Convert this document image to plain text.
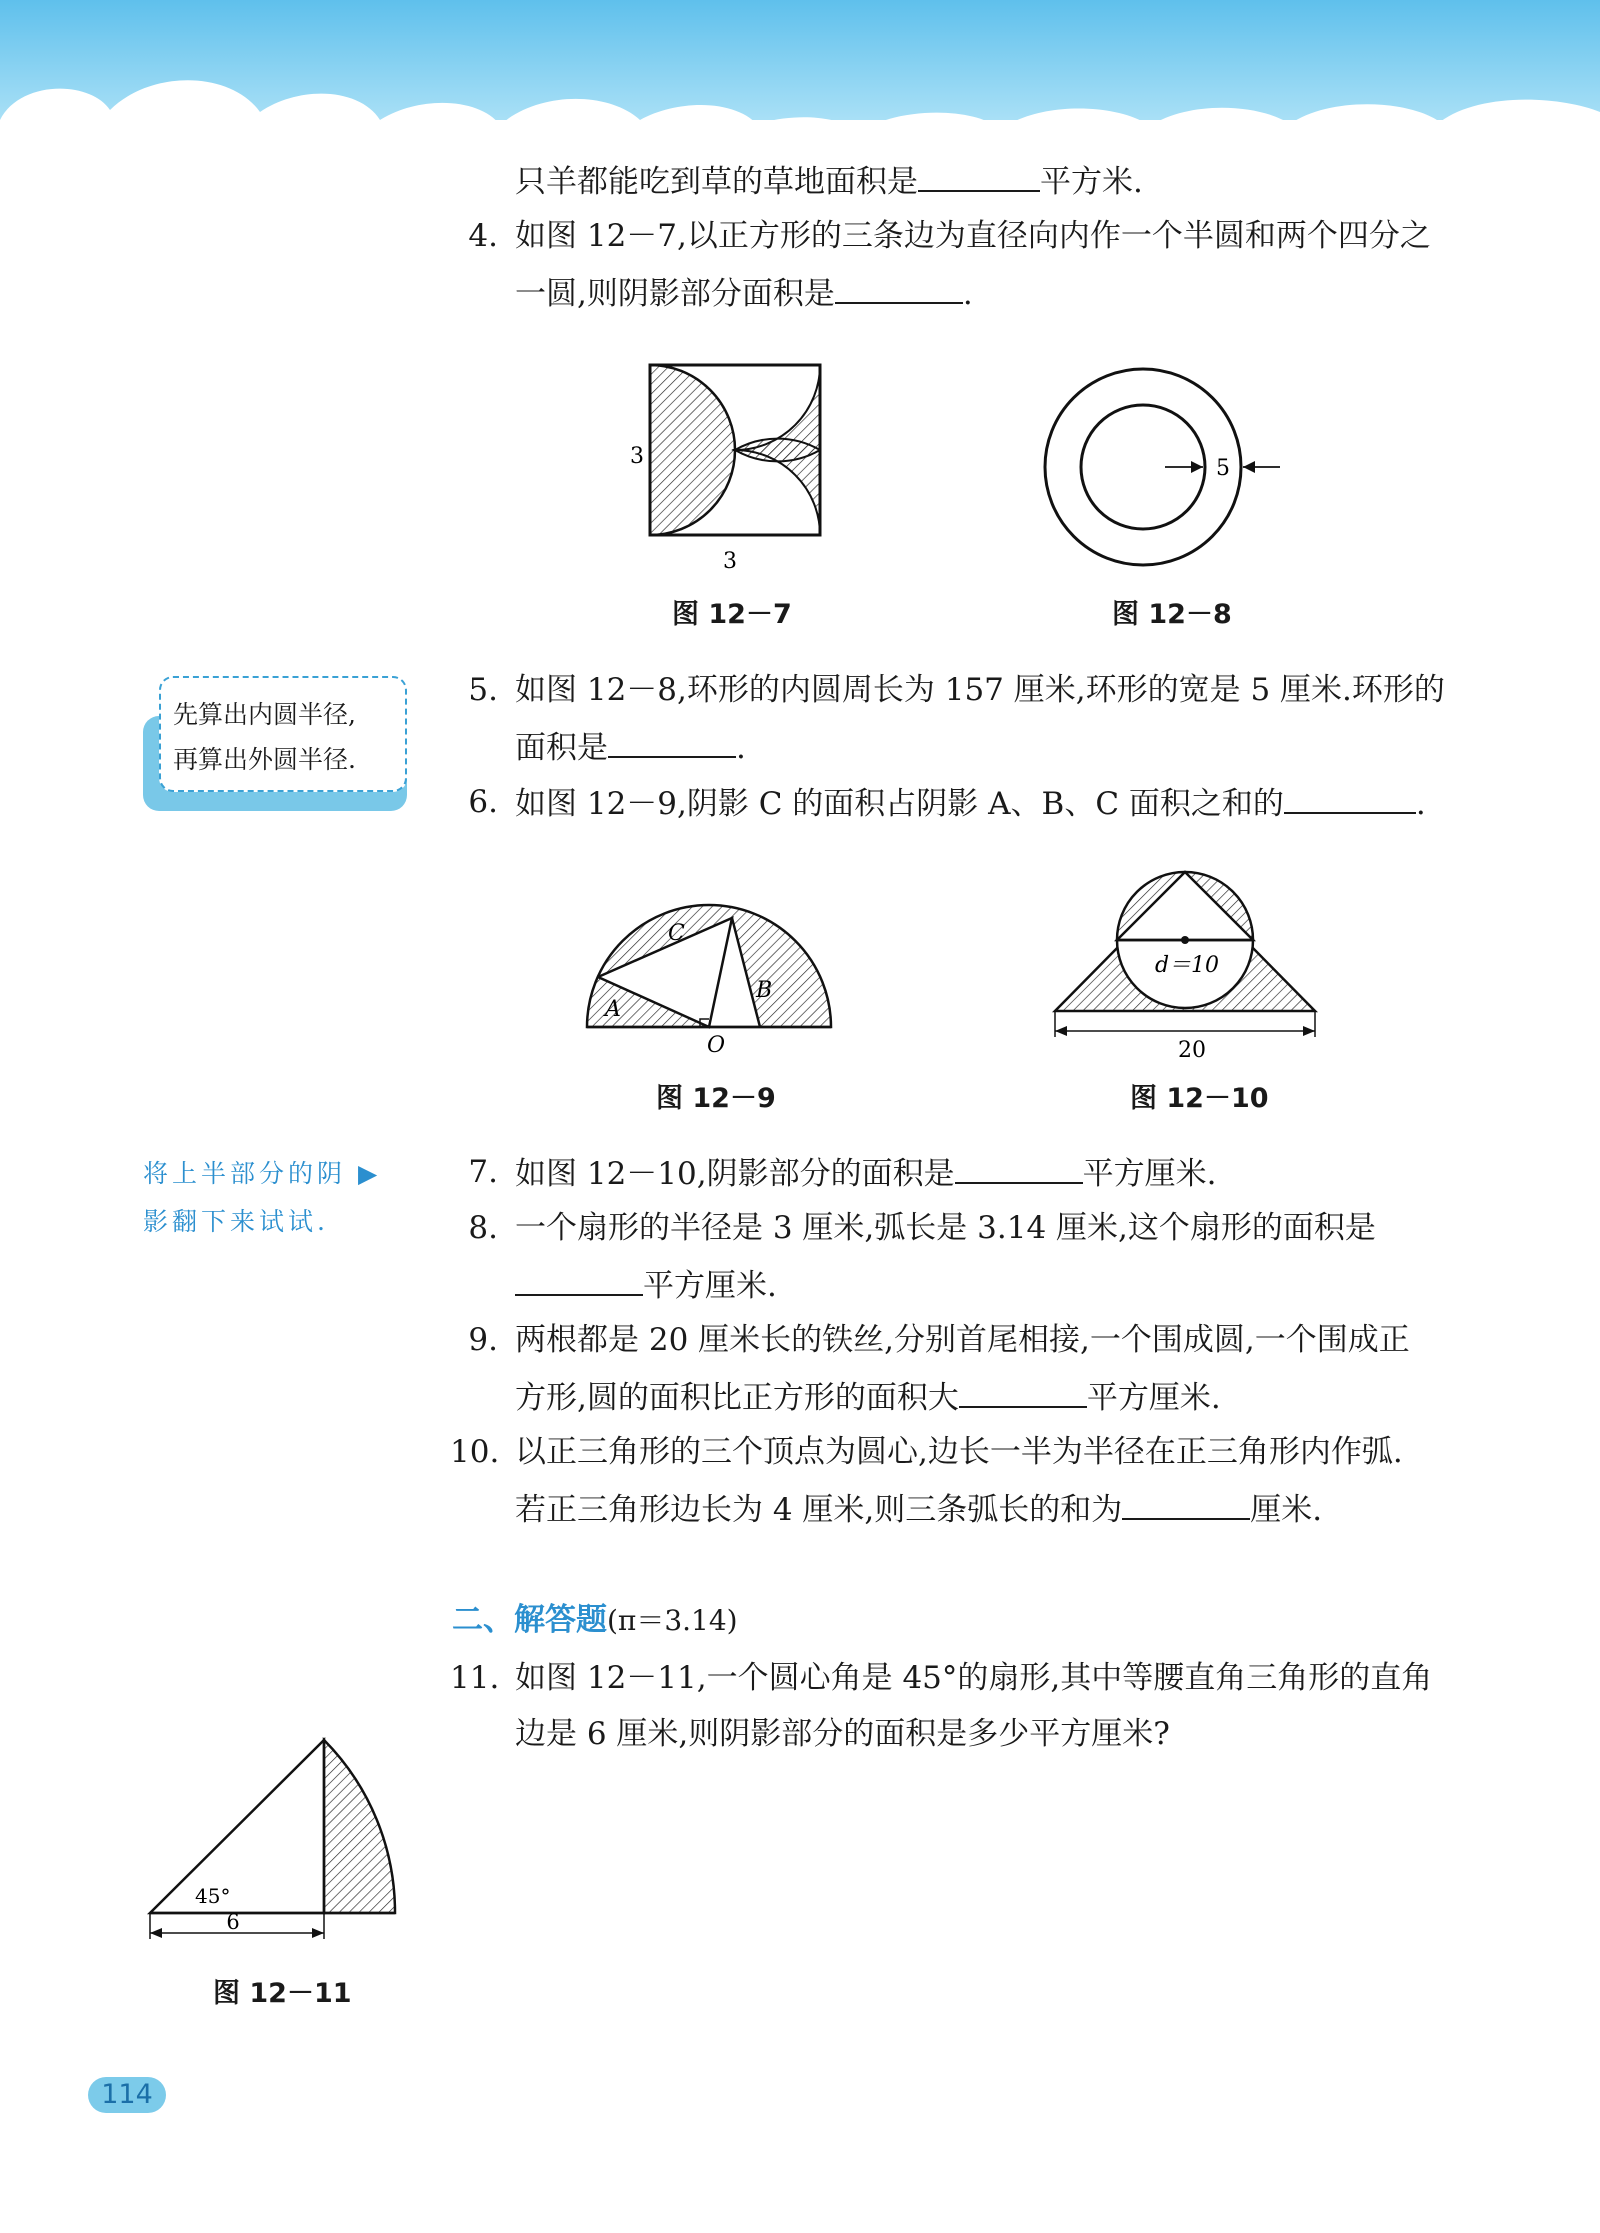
只羊都能吃到草的草地面积是	平方米.
4. 如图 12－7,以正方形的三条边为直径向内作一个半圆和两个四分之
一圆,则阴影部分面积是	.
3
3
图 12－7
5
图 12－8
先算出内圆半径,
再算出外圆半径.
5. 如图 12－8,环形的内圆周长为 157 厘米,环形的宽是 5 厘米.环形的
面积是	.
6. 如图 12－9,阴影 C 的面积占阴影 A、B、C 面积之和的	.
C
A
B
O
图 12－9
d＝10
20
图 12－10
将上半部分的阴 ▶
影翻下来试试.
7. 如图 12－10,阴影部分的面积是	平方厘米.
8. 一个扇形的半径是 3 厘米,弧长是 3.14 厘米,这个扇形的面积是
平方厘米.
9. 两根都是 20 厘米长的铁丝,分别首尾相接,一个围成圆,一个围成正
方形,圆的面积比正方形的面积大	平方厘米.
10. 以正三角形的三个顶点为圆心,边长一半为半径在正三角形内作弧.
若正三角形边长为 4 厘米,则三条弧长的和为	厘米.
二、解答题(π＝3.14)
11. 如图 12－11,一个圆心角是 45°的扇形,其中等腰直角三角形的直角
边是 6 厘米,则阴影部分的面积是多少平方厘米?
45°
6
图 12－11
114
